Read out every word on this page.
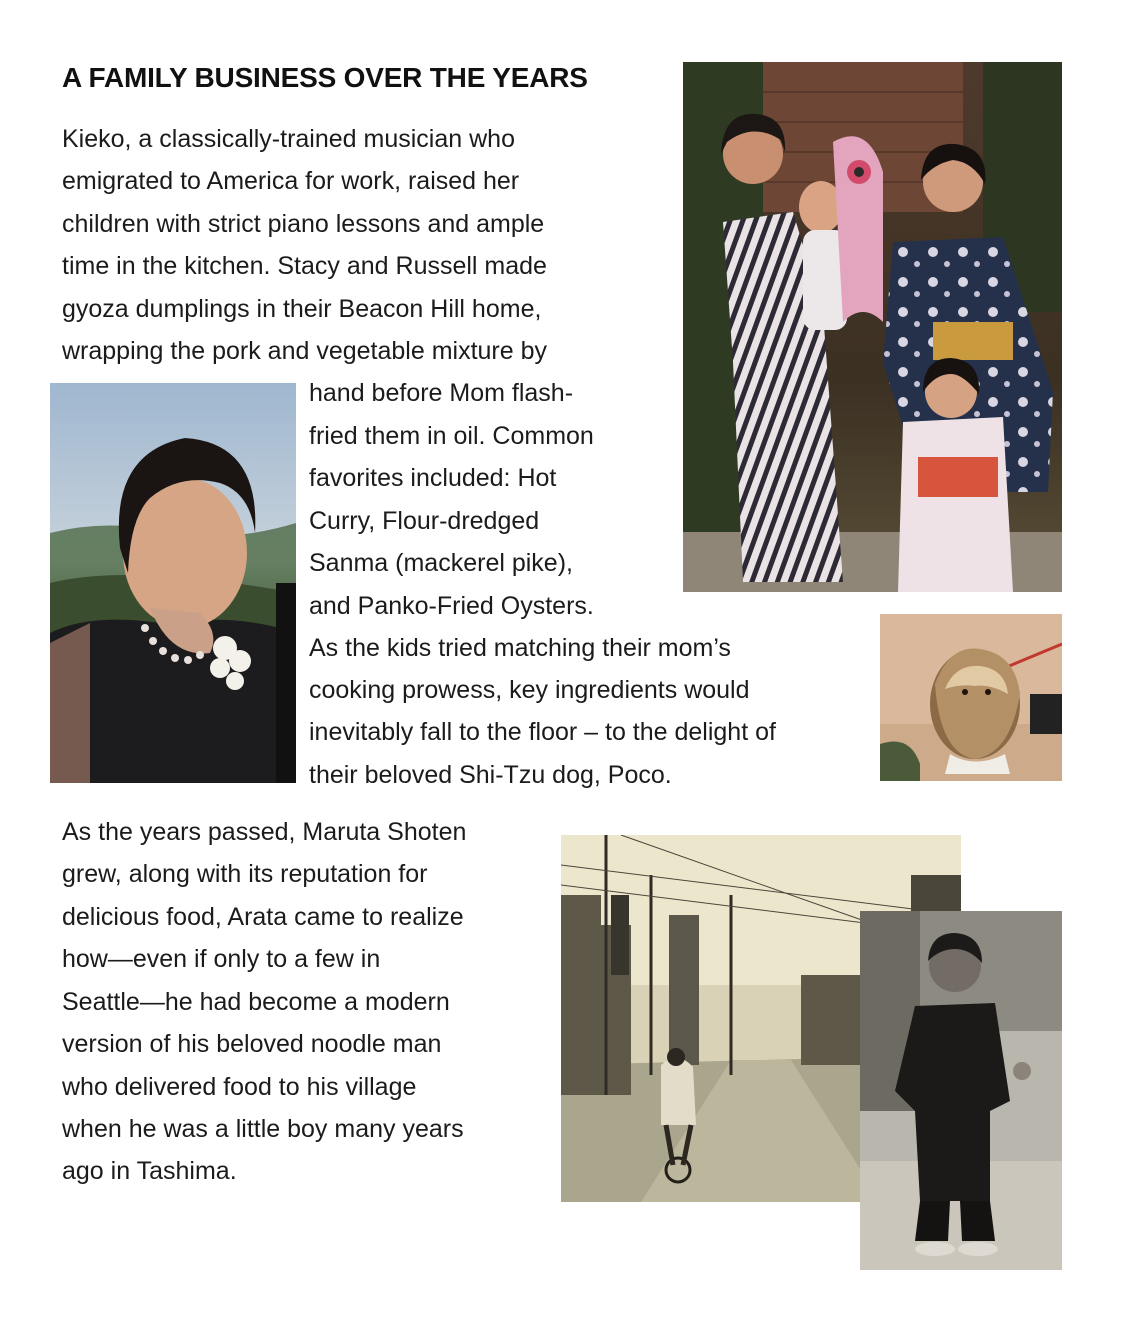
A FAMILY BUSINESS OVER THE YEARS
Kieko, a classically-trained musician who
emigrated to America for work, raised her
children with strict piano lessons and ample
time in the kitchen. Stacy and Russell made
gyoza dumplings in their Beacon Hill home,
wrapping the pork and vegetable mixture by
hand before Mom flash-
fried them in oil. Common
favorites included: Hot
Curry, Flour-dredged
Sanma (mackerel pike),
and Panko-Fried Oysters.
As the kids tried matching their mom’s
cooking prowess, key ingredients would
inevitably fall to the floor – to the delight of
their beloved Shi-Tzu dog, Poco.
As the years passed, Maruta Shoten
grew, along with its reputation for
delicious food, Arata came to realize
how—even if only to a few in
Seattle—he had become a modern
version of his beloved noodle man
who delivered food to his village
when he was a little boy many years
ago in Tashima.
